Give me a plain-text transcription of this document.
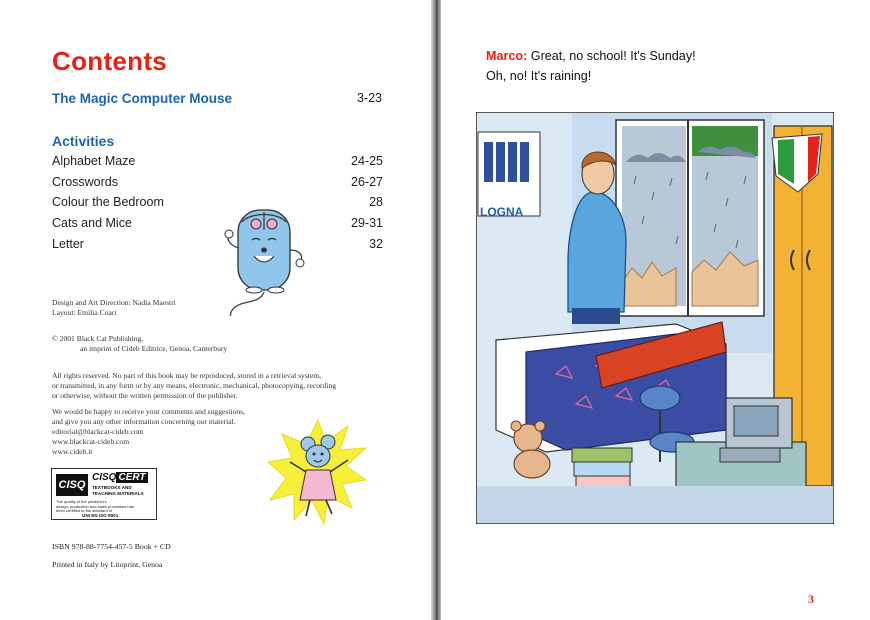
Contents
The Magic Computer Mouse	3-23
Activities
Alphabet Maze	24-25
Crosswords	26-27
Colour the Bedroom	28
Cats and Mice	29-31
Letter	32
Design and Art Direction: Nadia Maestri
Layout: Emilia Coari
© 2001 Black Cat Publishing,
an imprint of Cideb Editrice, Genoa, Canterbury
All rights reserved. No part of this book may be reproduced, stored in a retrieval system,
or transmitted, in any form or by any means, electronic, mechanical, photocopying, recording
or otherwise, without the written permission of the publisher.
We would be happy to receive your comments and suggestions,
and give you any other information concerning our material.
editorial@blackcat-cideb.com
www.blackcat-cideb.com
www.cideb.it
CISQ
CISQ CERT
TEXTBOOKS AND
TEACHING MATERIALS
The quality of the publisher's
design, production and sales processes has
been certified to the standard of
UNI EN ISO 9001
ISBN 978-88-7754-457-5 Book + CD
Printed in Italy by Litoprint, Genoa
Marco: Great, no school! It's Sunday!
Oh, no! It's raining!
LOGNA
3
